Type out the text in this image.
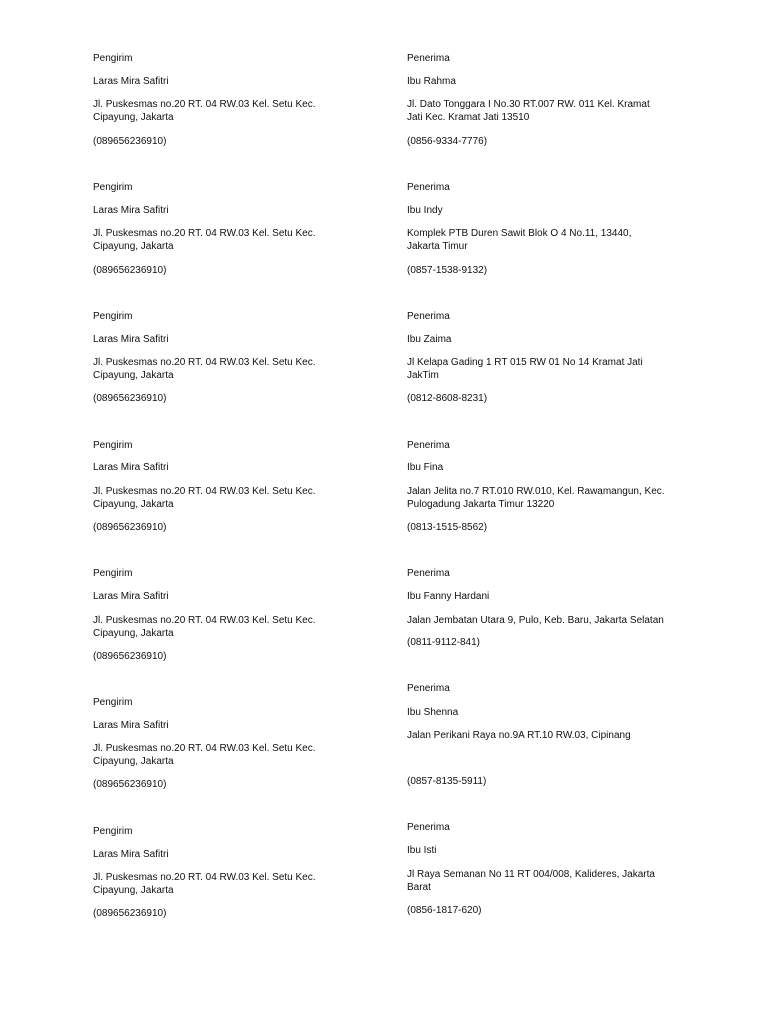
Pengirim

Laras Mira Safitri

Jl. Puskesmas no.20 RT. 04 RW.03 Kel. Setu Kec.
Cipayung, Jakarta

(089656236910)

Penerima

Ibu Rahma

Jl. Dato Tonggara I No.30 RT.007 RW. 011 Kel. Kramat
Jati Kec. Kramat Jati 13510

(0856-9334-7776)

Pengirim

Laras Mira Safitri

Jl. Puskesmas no.20 RT. 04 RW.03 Kel. Setu Kec.
Cipayung, Jakarta

(089656236910)

Penerima

Ibu Indy

Komplek PTB Duren Sawit Blok O 4 No.11, 13440,
Jakarta Timur

(0857-1538-9132)

Pengirim

Laras Mira Safitri

Jl. Puskesmas no.20 RT. 04 RW.03 Kel. Setu Kec.
Cipayung, Jakarta

(089656236910)

Penerima

Ibu Zaima

Jl Kelapa Gading 1 RT 015 RW 01 No 14 Kramat Jati
JakTim

(0812-8608-8231)

Pengirim

Laras Mira Safitri

Jl. Puskesmas no.20 RT. 04 RW.03 Kel. Setu Kec.
Cipayung, Jakarta

(089656236910)

Penerima

Ibu Fina

Jalan Jelita no.7 RT.010 RW.010, Kel. Rawamangun, Kec.
Pulogadung Jakarta Timur 13220

(0813-1515-8562)

Pengirim

Laras Mira Safitri

Jl. Puskesmas no.20 RT. 04 RW.03 Kel. Setu Kec.
Cipayung, Jakarta

(089656236910)

Penerima

Ibu Fanny Hardani

Jalan Jembatan Utara 9, Pulo, Keb. Baru, Jakarta Selatan

(0811-9112-841)

Pengirim

Laras Mira Safitri

Jl. Puskesmas no.20 RT. 04 RW.03 Kel. Setu Kec.
Cipayung, Jakarta

(089656236910)

Penerima

Ibu Shenna

Jalan Perikani Raya no.9A RT.10 RW.03, Cipinang

(0857-8135-5911)

Pengirim

Laras Mira Safitri

Jl. Puskesmas no.20 RT. 04 RW.03 Kel. Setu Kec.
Cipayung, Jakarta

(089656236910)

Penerima

Ibu Isti

Jl Raya Semanan No 11 RT 004/008, Kalideres, Jakarta
Barat

(0856-1817-620)
